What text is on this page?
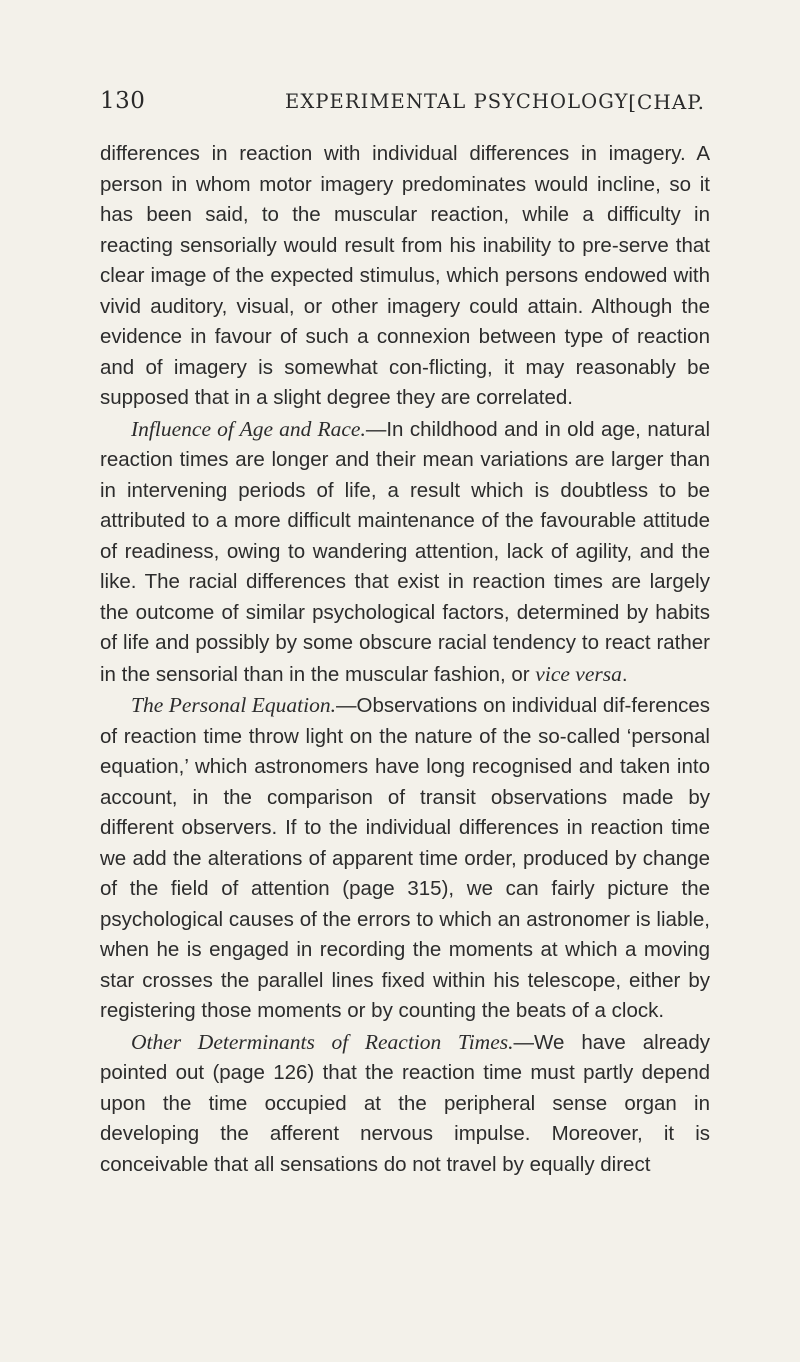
130	EXPERIMENTAL PSYCHOLOGY [CHAP.

differences in reaction with individual differences in imagery. A person in whom motor imagery predominates would incline, so it has been said, to the muscular reaction, while a difficulty in reacting sensorially would result from his inability to pre-serve that clear image of the expected stimulus, which persons endowed with vivid auditory, visual, or other imagery could attain. Although the evidence in favour of such a connexion between type of reaction and of imagery is somewhat con-flicting, it may reasonably be supposed that in a slight degree they are correlated.

Influence of Age and Race.—In childhood and in old age, natural reaction times are longer and their mean variations are larger than in intervening periods of life, a result which is doubtless to be attributed to a more difficult maintenance of the favourable attitude of readiness, owing to wandering attention, lack of agility, and the like. The racial differences that exist in reaction times are largely the outcome of similar psychological factors, determined by habits of life and possibly by some obscure racial tendency to react rather in the sensorial than in the muscular fashion, or vice versa.

The Personal Equation.—Observations on individual dif-ferences of reaction time throw light on the nature of the so-called ‘personal equation,’ which astronomers have long recognised and taken into account, in the comparison of transit observations made by different observers. If to the individual differences in reaction time we add the alterations of apparent time order, produced by change of the field of attention (page 315), we can fairly picture the psychological causes of the errors to which an astronomer is liable, when he is engaged in recording the moments at which a moving star crosses the parallel lines fixed within his telescope, either by registering those moments or by counting the beats of a clock.

Other Determinants of Reaction Times.—We have already pointed out (page 126) that the reaction time must partly depend upon the time occupied at the peripheral sense organ in developing the afferent nervous impulse. Moreover, it is conceivable that all sensations do not travel by equally direct
